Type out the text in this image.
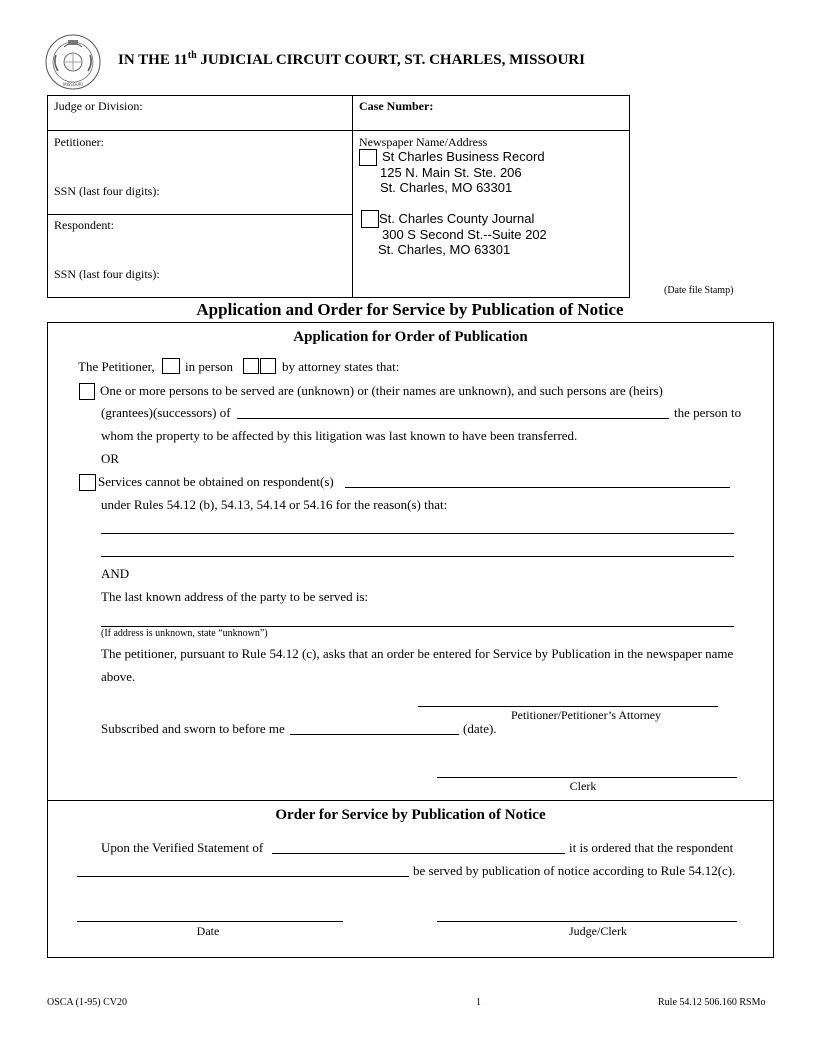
MISSOURI
IN THE 11th JUDICIAL CIRCUIT COURT, ST. CHARLES, MISSOURI
Judge or Division:	Case Number:
Petitioner:
SSN (last four digits):
Respondent:
SSN (last four digits):
Newspaper Name/Address
St Charles Business Record
125 N. Main St. Ste. 206
St. Charles, MO 63301
St. Charles County Journal
300 S Second St.--Suite 202
St. Charles, MO 63301
(Date file Stamp)
Application and Order for Service by Publication of Notice
Application for Order of Publication
The Petitioner, in person	by attorney states that:
One or more persons to be served are (unknown) or (their names are unknown), and such persons are (heirs)
(grantees)(successors) of	the person to
whom the property to be affected by this litigation was last known to have been transferred.
OR
Services cannot be obtained on respondent(s)
under Rules 54.12 (b), 54.13, 54.14 or 54.16 for the reason(s) that:
AND
The last known address of the party to be served is:
(If address is unknown, state “unknown”)
The petitioner, pursuant to Rule 54.12 (c), asks that an order be entered for Service by Publication in the newspaper name
above.
Petitioner/Petitioner’s Attorney
Subscribed and sworn to before me	(date).
Clerk
Order for Service by Publication of Notice
Upon the Verified Statement of	it is ordered that the respondent
be served by publication of notice according to Rule 54.12(c).
Date	Judge/Clerk
OSCA (1-95) CV20	1	Rule 54.12 506.160 RSMo
